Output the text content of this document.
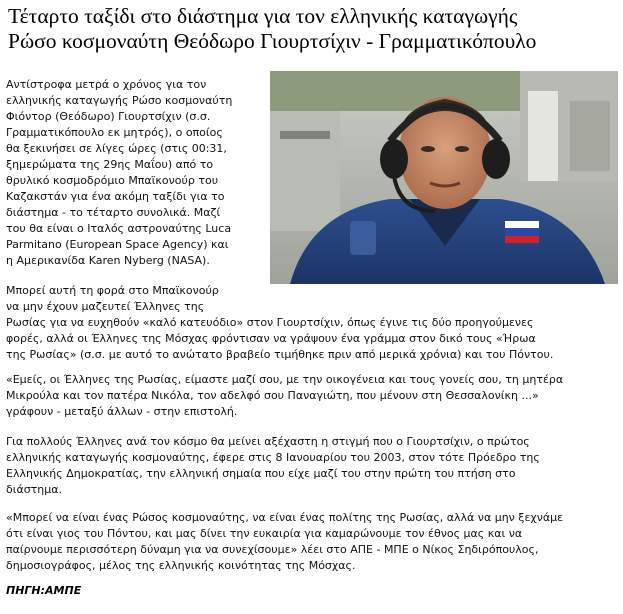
Τέταρτο ταξίδι στο διάστημα για τον ελληνικής καταγωγής
Ρώσο κοσμοναύτη Θεόδωρο Γιουρτσίχιν - Γραμματικόπουλο
Αντίστροφα μετρά ο χρόνος για τον
ελληνικής καταγωγής Ρώσο κοσμοναύτη
Φιόντορ (Θεόδωρο) Γιουρτσίχιν (σ.σ.
Γραμματικόπουλο εκ μητρός), ο οποίος
θα ξεκινήσει σε λίγες ώρες (στις 00:31,
ξημερώματα της 29ης Μαΐου) από το
θρυλικό κοσμοδρόμιο Μπαϊκονούρ του
Καζακστάν για ένα ακόμη ταξίδι για το
διάστημα - το τέταρτο συνολικά. Μαζί
του θα είναι ο Ιταλός αστροναύτης Luca
Parmitano (European Space Agency) και
η Αμερικανίδα Karen Nyberg (NASA).
Μπορεί αυτή τη φορά στο Μπαϊκονούρ
να μην έχουν μαζευτεί Έλληνες της
Ρωσίας για να ευχηθούν «καλό κατευόδιο» στον Γιουρτσίχιν, όπως έγινε τις δύο προηγούμενες
φορές, αλλά οι Έλληνες της Μόσχας φρόντισαν να γράψουν ένα γράμμα στον δικό τους «Ήρωα
της Ρωσίας» (σ.σ. με αυτό το ανώτατο βραβείο τιμήθηκε πριν από μερικά χρόνια) και του Πόντου.
«Εμείς, οι Έλληνες της Ρωσίας, είμαστε μαζί σου, με την οικογένεια και τους γονείς σου, τη μητέρα
Μικρούλα και τον πατέρα Νικόλα, τον αδελφό σου Παναγιώτη, που μένουν στη Θεσσαλονίκη ...»
γράφουν - μεταξύ άλλων - στην επιστολή.
Για πολλούς Έλληνες ανά τον κόσμο θα μείνει αξέχαστη η στιγμή που ο Γιουρτσίχιν, ο πρώτος
ελληνικής καταγωγής κοσμοναύτης, έφερε στις 8 Ιανουαρίου του 2003, στον τότε Πρόεδρο της
Ελληνικής Δημοκρατίας, την ελληνική σημαία που είχε μαζί του στην πρώτη του πτήση στο
διάστημα.
«Μπορεί να είναι ένας Ρώσος κοσμοναύτης, να είναι ένας πολίτης της Ρωσίας, αλλά να μην ξεχνάμε
ότι είναι γιος του Πόντου, και μας δίνει την ευκαιρία για καμαρώνουμε τον έθνος μας και να
παίρνουμε περισσότερη δύναμη για να συνεχίσουμε» λέει στο ΑΠΕ - ΜΠΕ ο Νίκος Σηδιρόπουλος,
δημοσιογράφος, μέλος της ελληνικής κοινότητας της Μόσχας.
ΠΗΓΗ:ΑΜΠΕ
